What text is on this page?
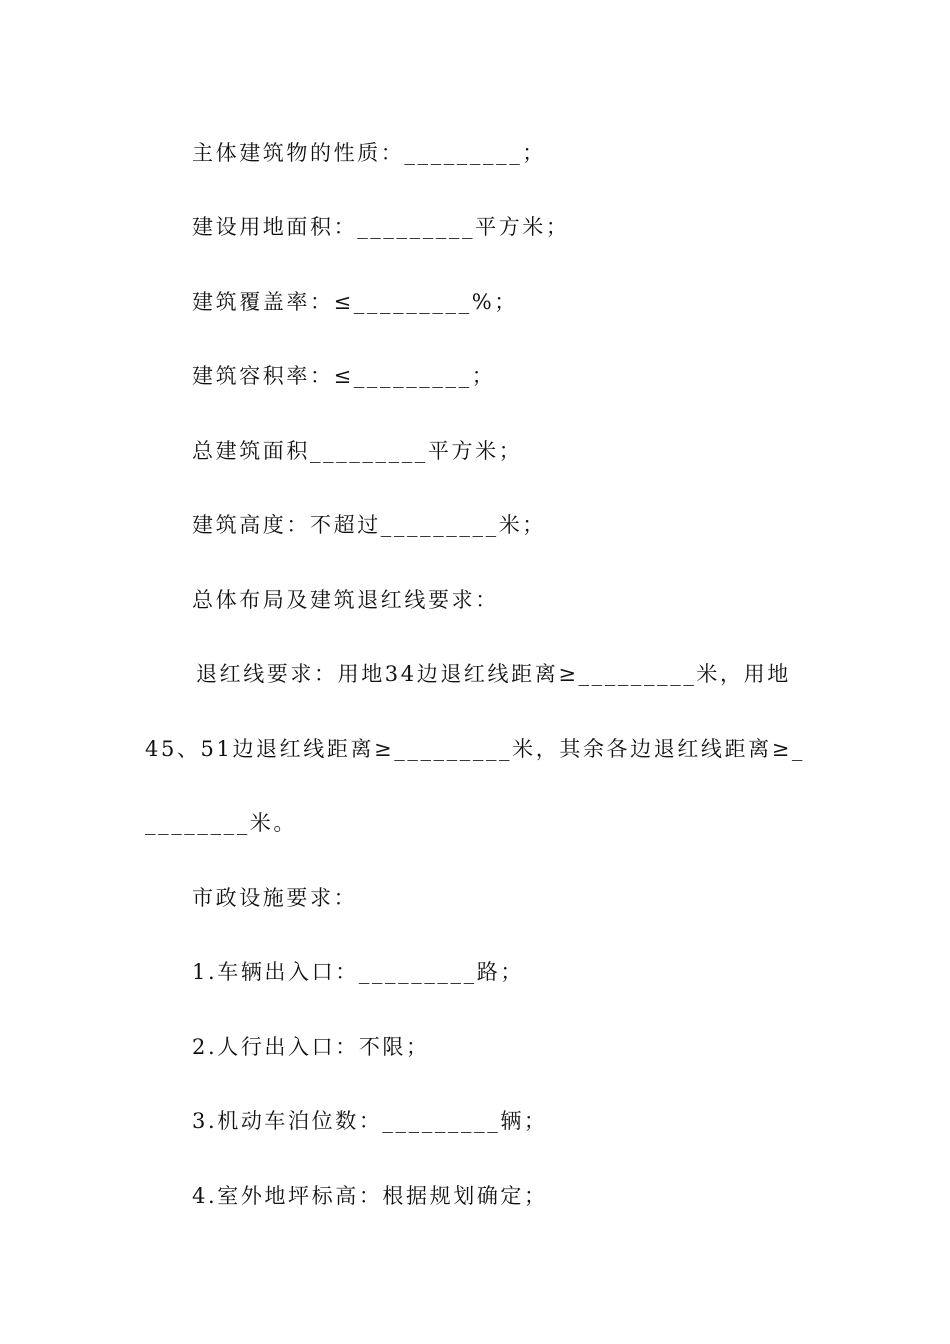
主体建筑物的性质：_________；
建设用地面积：_________平方米；
建筑覆盖率：≤_________%；
建筑容积率：≤_________；
总建筑面积_________平方米；
建筑高度：不超过_________米；
总体布局及建筑退红线要求：
退红线要求：用地34边退红线距离≥_________米，用地
45、51边退红线距离≥_________米，其余各边退红线距离≥_
________米。
市政设施要求：
1.车辆出入口：_________路；
2.人行出入口：不限；
3.机动车泊位数：_________辆；
4.室外地坪标高：根据规划确定；
